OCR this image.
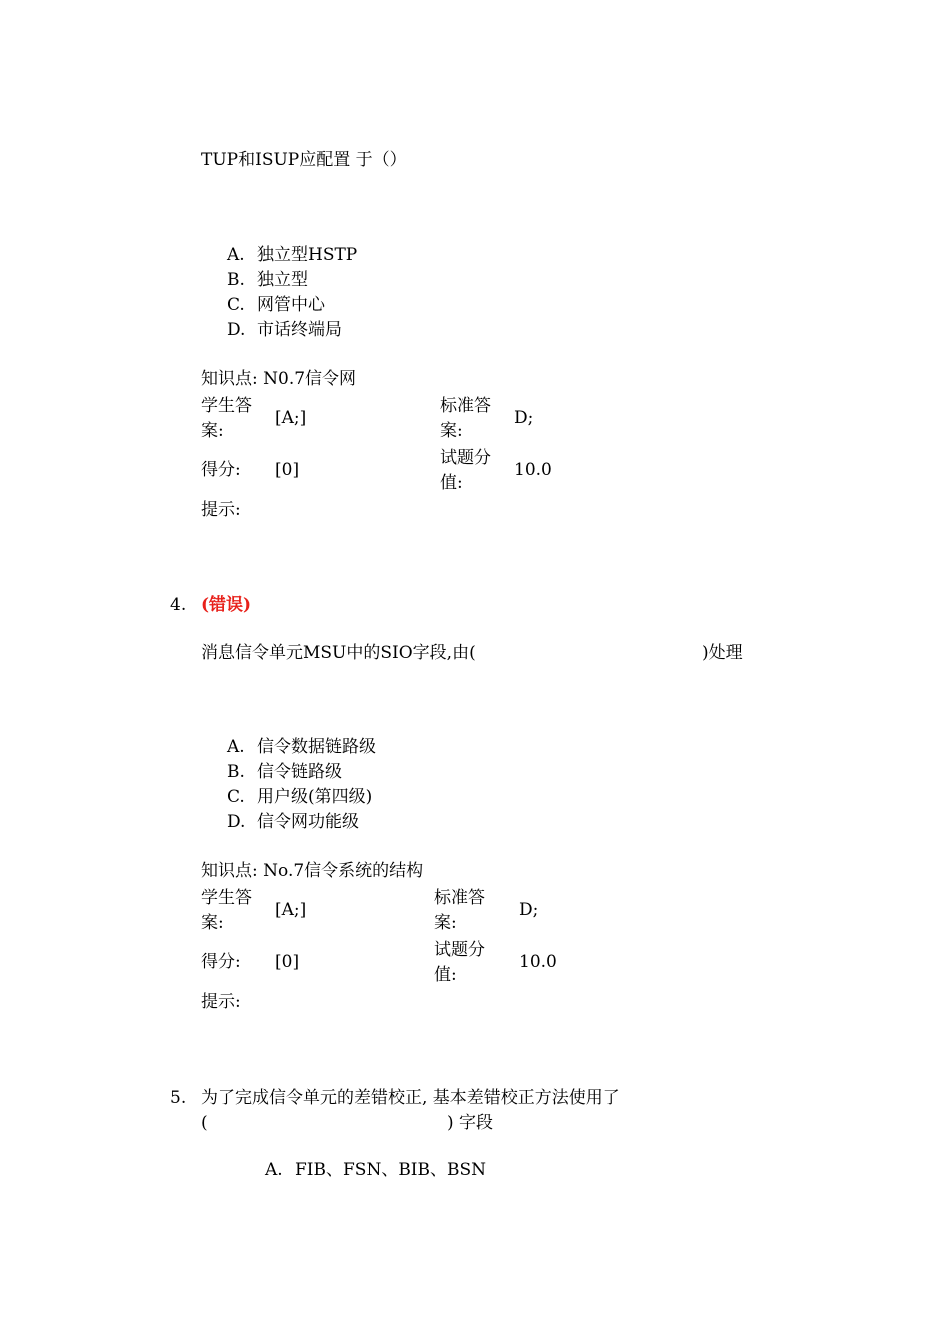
TUP和ISUP应配置 于（）
A. 独立型HSTP
B. 独立型
C. 网管中心
D. 市话终端局
知识点: N0.7信令网
学生答
案:
[A;]
标准答
案:
D;
得分: [0]
试题分
值:
10.0
提示:
4. (错误)
消息信令单元MSU中的SIO字段,由(	)处理
A. 信令数据链路级
B. 信令链路级
C. 用户级(第四级)
D. 信令网功能级
知识点: No.7信令系统的结构
学生答
案:
[A;]
标准答
案:
D;
得分: [0]
试题分
值:
10.0
提示:
5. 为了完成信令单元的差错校正, 基本差错校正方法使用了
(	) 字段
A. FIB、FSN、BIB、BSN
